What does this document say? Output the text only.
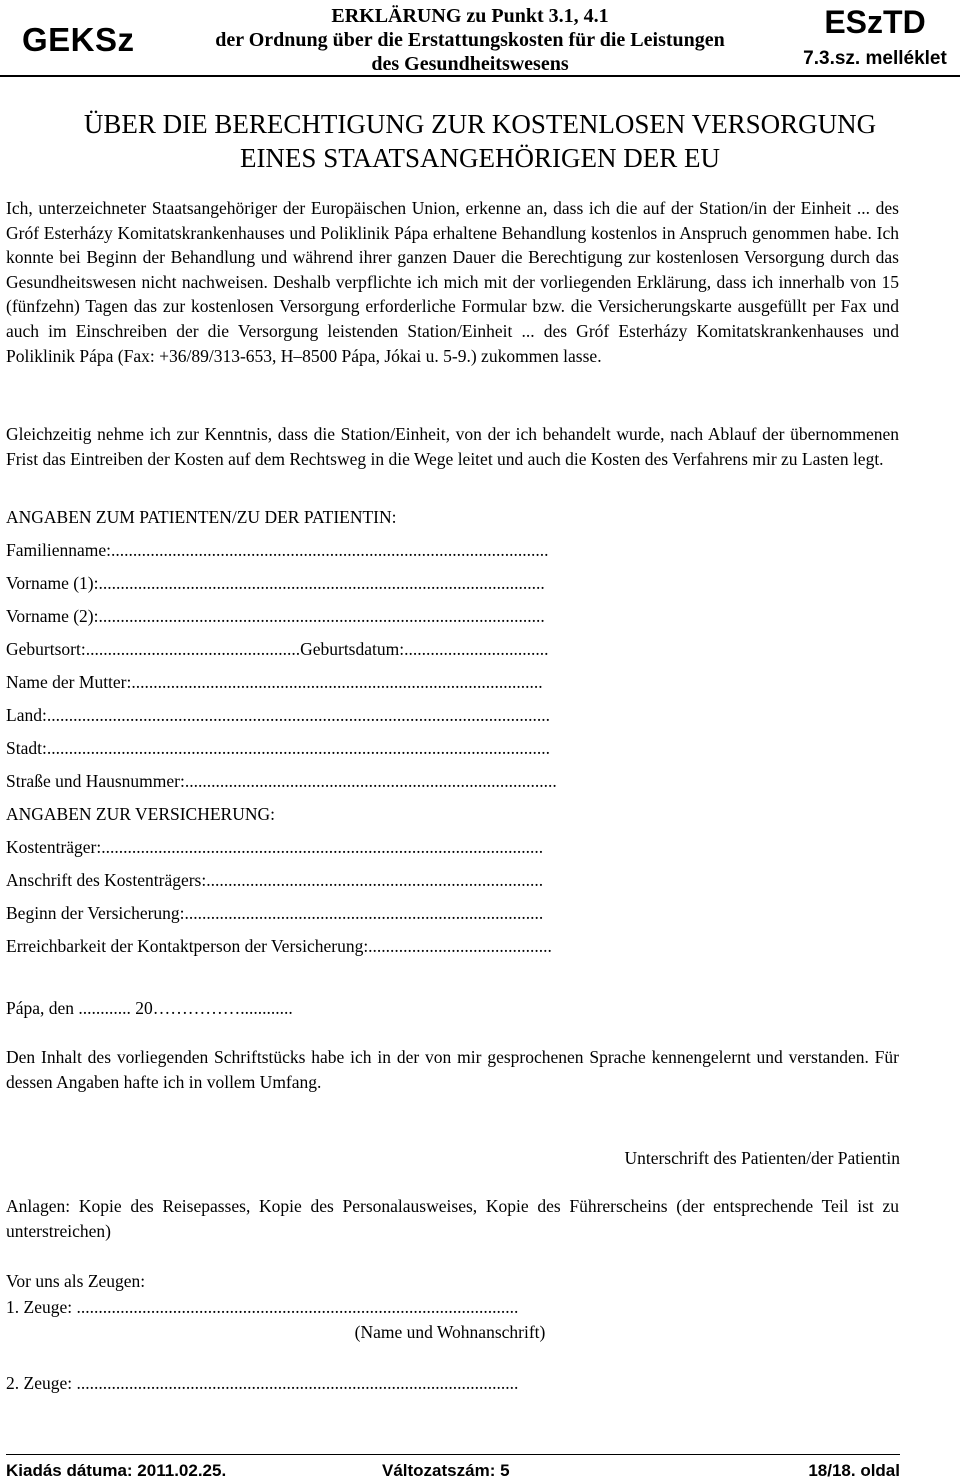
GEKSz
ERKLÄRUNG zu Punkt 3.1, 4.1
der Ordnung über die Erstattungskosten für die Leistungen
des Gesundheitswesens
ESzTD
7.3.sz. melléklet
ÜBER DIE BERECHTIGUNG ZUR KOSTENLOSEN VERSORGUNG
EINES STAATSANGEHÖRIGEN DER EU
Ich, unterzeichneter Staatsangehöriger der Europäischen Union, erkenne an, dass ich die auf der Station/in der Einheit ... des Gróf Esterházy Komitatskrankenhauses und Poliklinik Pápa erhaltene Behandlung kostenlos in Anspruch genommen habe. Ich konnte bei Beginn der Behandlung und während ihrer ganzen Dauer die Berechtigung zur kostenlosen Versorgung durch das Gesundheitswesen nicht nachweisen. Deshalb verpflichte ich mich mit der vorliegenden Erklärung, dass ich innerhalb von 15 (fünfzehn) Tagen das zur kostenlosen Versorgung erforderliche Formular bzw. die Versicherungskarte ausgefüllt per Fax und auch im Einschreiben der die Versorgung leistenden Station/Einheit ... des Gróf Esterházy Komitatskrankenhauses und Poliklinik Pápa (Fax: +36/89/313-653, H–8500 Pápa, Jókai u. 5-9.) zukommen lasse.
Gleichzeitig nehme ich zur Kenntnis, dass die Station/Einheit, von der ich behandelt wurde, nach Ablauf der übernommenen Frist das Eintreiben der Kosten auf dem Rechtsweg in die Wege leitet und auch die Kosten des Verfahrens mir zu Lasten legt.
ANGABEN ZUM PATIENTEN/ZU DER PATIENTIN:
Familienname:....................................................................................................
Vorname (1):......................................................................................................
Vorname (2):......................................................................................................
Geburtsort:.................................................Geburtsdatum:.................................
Name der Mutter:..............................................................................................
Land:...................................................................................................................
Stadt:...................................................................................................................
Straße und Hausnummer:.....................................................................................
ANGABEN ZUR VERSICHERUNG:
Kostenträger:.....................................................................................................
Anschrift des Kostenträgers:.............................................................................
Beginn der Versicherung:..................................................................................
Erreichbarkeit der Kontaktperson der Versicherung:..........................................
Pápa, den ............ 20……………............
Den Inhalt des vorliegenden Schriftstücks habe ich in der von mir gesprochenen Sprache kennengelernt und verstanden. Für dessen Angaben hafte ich in vollem Umfang.
Unterschrift des Patienten/der Patientin
Anlagen: Kopie des Reisepasses, Kopie des Personalausweises, Kopie des Führerscheins (der entsprechende Teil ist zu unterstreichen)
Vor uns als Zeugen:
1. Zeuge: .....................................................................................................
(Name und Wohnanschrift)
2. Zeuge: .....................................................................................................
Kiadás dátuma: 2011.02.25.	Változatszám: 5	18/18. oldal
